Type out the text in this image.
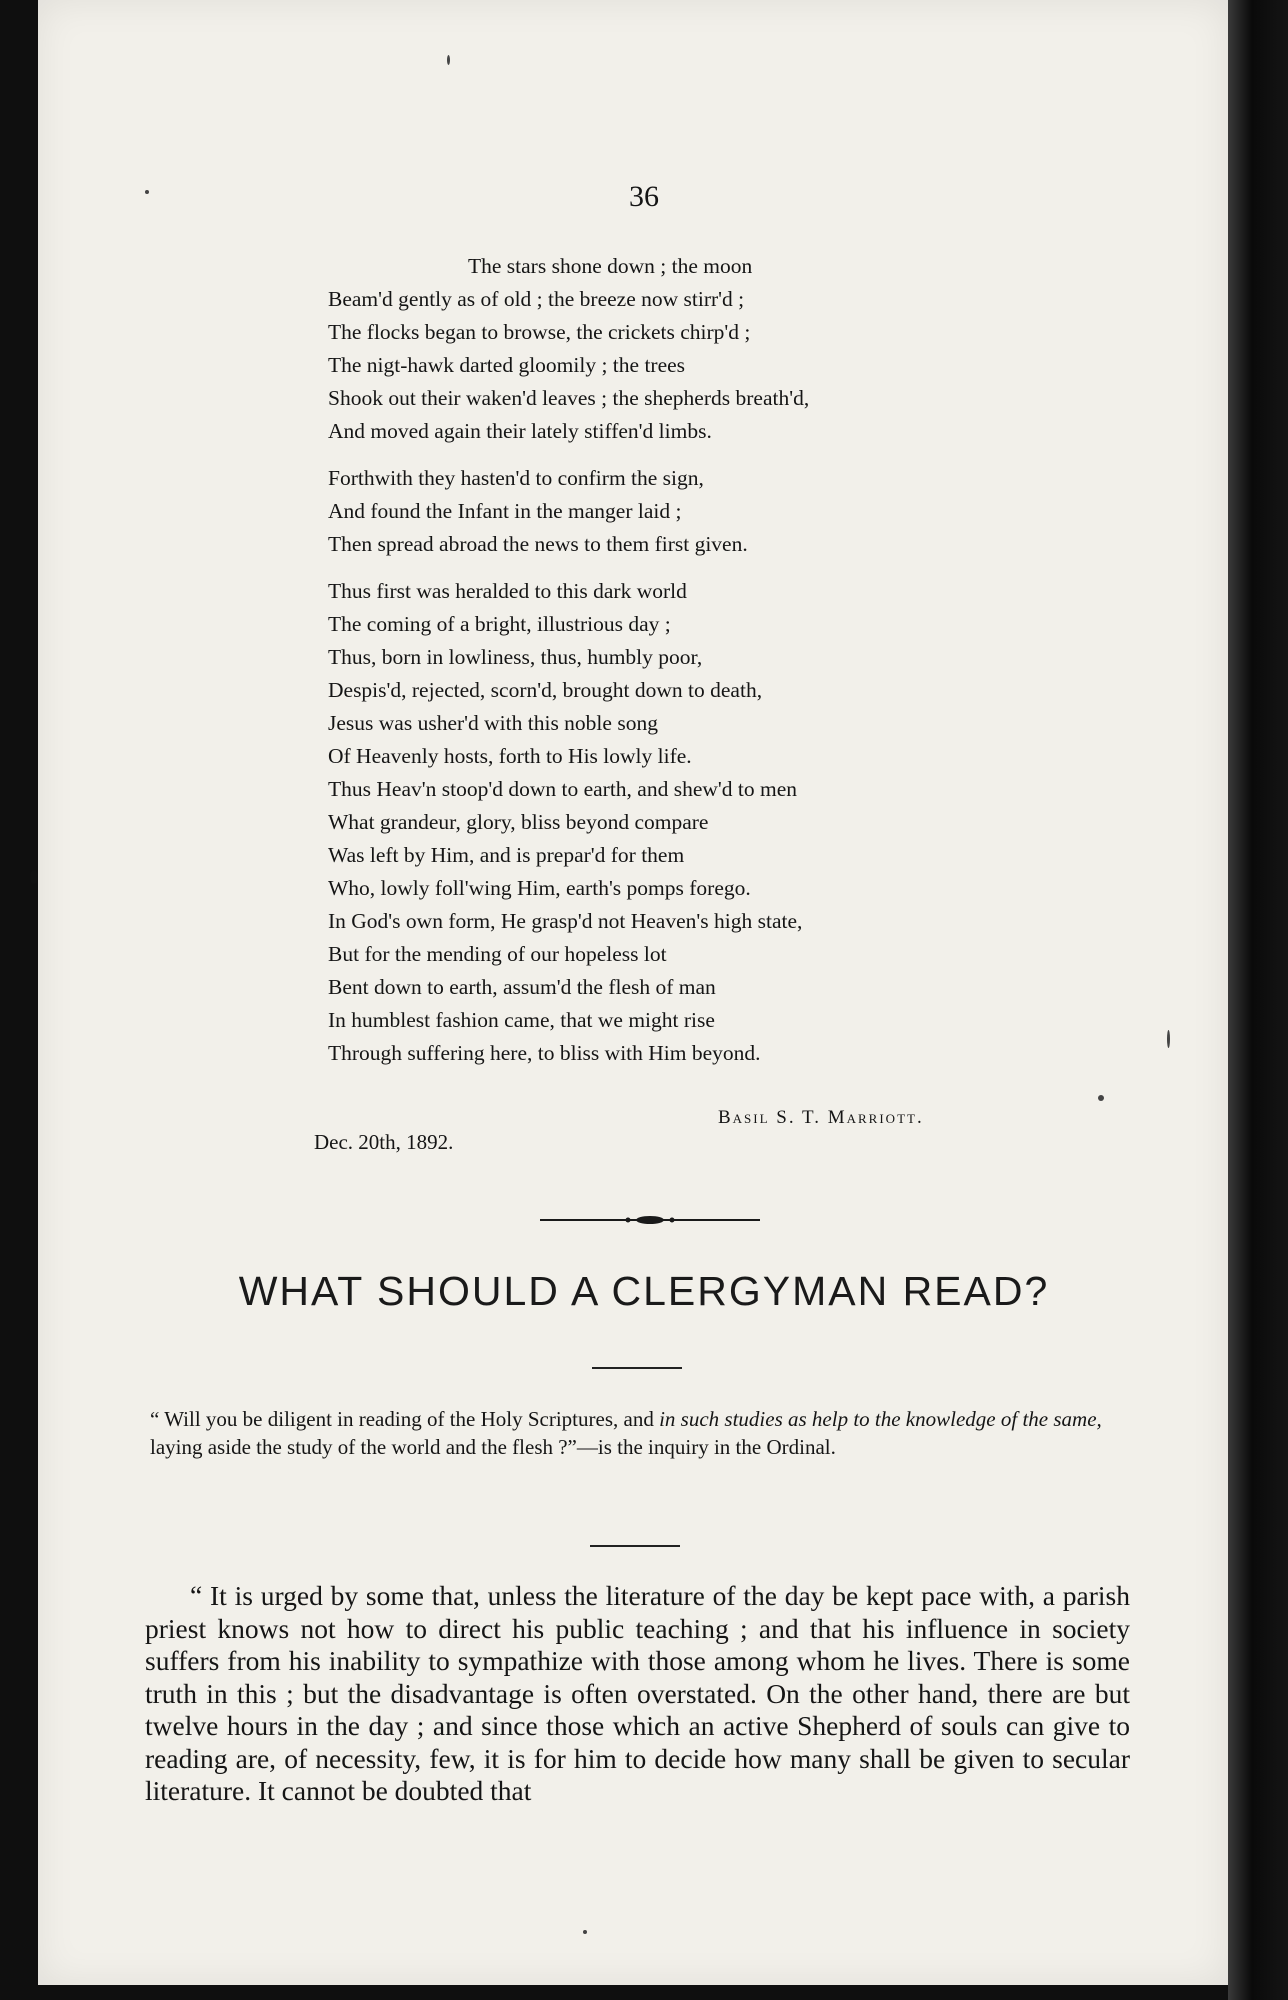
36
The stars shone down ; the moon
Beam'd gently as of old ; the breeze now stirr'd ;
The flocks began to browse, the crickets chirp'd ;
The nigt-hawk darted gloomily ; the trees
Shook out their waken'd leaves ; the shepherds breath'd,
And moved again their lately stiffen'd limbs.
Forthwith they hasten'd to confirm the sign,
And found the Infant in the manger laid ;
Then spread abroad the news to them first given.
Thus first was heralded to this dark world
The coming of a bright, illustrious day ;
Thus, born in lowliness, thus, humbly poor,
Despis'd, rejected, scorn'd, brought down to death,
Jesus was usher'd with this noble song
Of Heavenly hosts, forth to His lowly life.
Thus Heav'n stoop'd down to earth, and shew'd to men
What grandeur, glory, bliss beyond compare
Was left by Him, and is prepar'd for them
Who, lowly foll'wing Him, earth's pomps forego.
In God's own form, He grasp'd not Heaven's high state,
But for the mending of our hopeless lot
Bent down to earth, assum'd the flesh of man
In humblest fashion came, that we might rise
Through suffering here, to bliss with Him beyond.
Basil S. T. Marriott.
Dec. 20th, 1892.
WHAT SHOULD A CLERGYMAN READ?
“ Will you be diligent in reading of the Holy Scriptures, and in such studies as help to the knowledge of the same, laying aside the study of the world and the flesh ?”—is the inquiry in the Ordinal.

“ It is urged by some that, unless the literature of the day be kept pace with, a parish priest knows not how to direct his public teaching ; and that his influence in society suffers from his inability to sympathize with those among whom he lives. There is some truth in this ; but the disadvantage is often overstated. On the other hand, there are but twelve hours in the day ; and since those which an active Shepherd of souls can give to reading are, of necessity, few, it is for him to decide how many shall be given to secular literature. It cannot be doubted that
